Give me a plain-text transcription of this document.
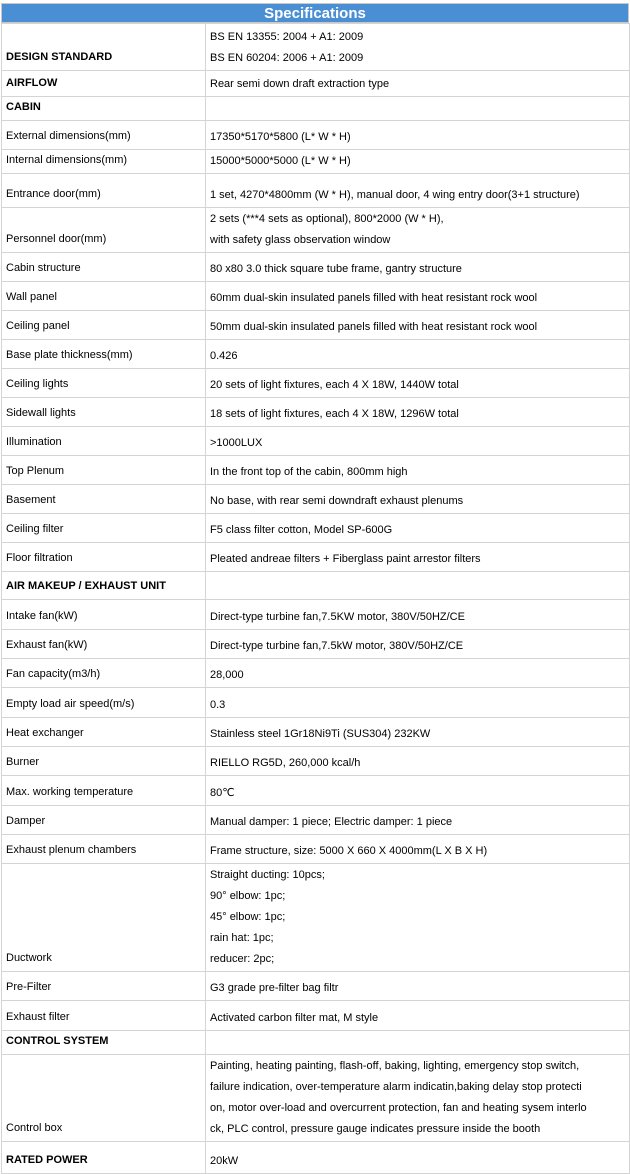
Specifications
DESIGN STANDARD	BS EN 13355: 2004 + A1: 2009
BS EN 60204: 2006 + A1: 2009

AIRFLOW	Rear semi down draft extraction type

CABIN	

External dimensions(mm)	17350*5170*5800 (L* W * H)

Internal dimensions(mm)	15000*5000*5000 (L* W * H)

Entrance door(mm)	1 set, 4270*4800mm (W * H), manual door, 4 wing entry door(3+1 structure)

Personnel door(mm)	2 sets (***4 sets as optional), 800*2000 (W * H),
with safety glass observation window

Cabin structure	80 x80 3.0 thick square tube frame, gantry structure

Wall panel	60mm dual-skin insulated panels filled with heat resistant rock wool

Ceiling panel	50mm dual-skin insulated panels filled with heat resistant rock wool

Base plate thickness(mm)	0.426

Ceiling lights	20 sets of light fixtures, each 4 X 18W, 1440W total

Sidewall lights	18 sets of light fixtures, each 4 X 18W, 1296W total

Illumination	>1000LUX

Top Plenum	In the front top of the cabin, 800mm high

Basement	No base, with rear semi downdraft exhaust plenums

Ceiling filter	F5 class filter cotton, Model SP-600G

Floor filtration	Pleated andreae filters + Fiberglass paint arrestor filters

AIR MAKEUP / EXHAUST UNIT	

Intake fan(kW)	Direct-type turbine fan,7.5KW motor, 380V/50HZ/CE

Exhaust fan(kW)	Direct-type turbine fan,7.5kW motor, 380V/50HZ/CE

Fan capacity(m3/h)	28,000

Empty load air speed(m/s)	0.3

Heat exchanger	Stainless steel 1Gr18Ni9Ti (SUS304) 232KW

Burner	RIELLO RG5D, 260,000 kcal/h

Max. working temperature	80℃

Damper	Manual damper: 1 piece; Electric damper: 1 piece

Exhaust plenum chambers	Frame structure, size: 5000 X 660 X 4000mm(L X B X H)

Ductwork	Straight ducting: 10pcs;
90° elbow: 1pc;
45° elbow: 1pc;
rain hat: 1pc;
reducer: 2pc;

Pre-Filter	G3 grade pre-filter bag filtr

Exhaust filter	Activated carbon filter mat, M style

CONTROL SYSTEM	

Control box	Painting, heating painting, flash-off, baking, lighting, emergency stop switch,
failure indication, over-temperature alarm indicatin,baking delay stop protecti
on, motor over-load and overcurrent protection, fan and heating sysem interlo
ck, PLC control, pressure gauge indicates pressure inside the booth

RATED POWER	20kW
